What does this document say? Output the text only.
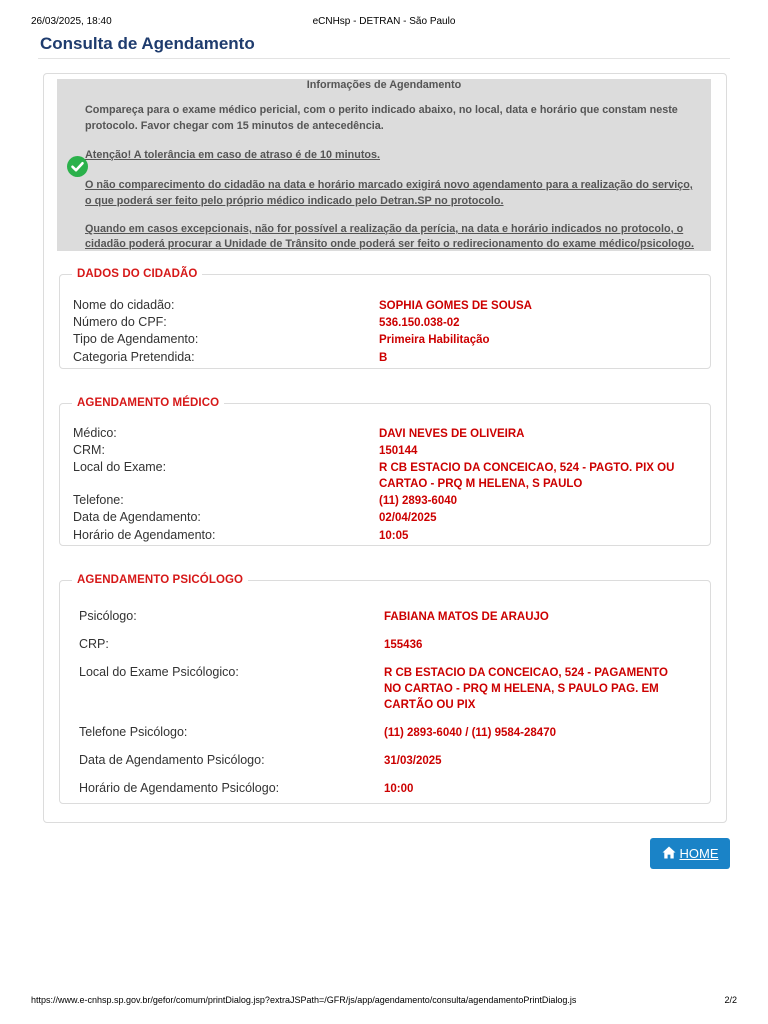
26/03/2025, 18:40	eCNHsp - DETRAN - São Paulo
Consulta de Agendamento
Informações de Agendamento

Compareça para o exame médico pericial, com o perito indicado abaixo, no local, data e horário que constam neste

protocolo. Favor chegar com 15 minutos de antecedência.

Atenção! A tolerância em caso de atraso é de 10 minutos.

O não comparecimento do cidadão na data e horário marcado exigirá novo agendamento para a realização do serviço,

o que poderá ser feito pelo próprio médico indicado pelo Detran.SP no protocolo.

Quando em casos excepcionais, não for possível a realização da perícia, na data e horário indicados no protocolo, o

cidadão poderá procurar a Unidade de Trânsito onde poderá ser feito o redirecionamento do exame médico/psicologo.

DADOS DO CIDADÃO
Nome do cidadão:	SOPHIA GOMES DE SOUSA
Número do CPF:	536.150.038-02
Tipo de Agendamento:	Primeira Habilitação
Categoria Pretendida:	B
AGENDAMENTO MÉDICO
Médico:	DAVI NEVES DE OLIVEIRA
CRM:	150144
Local do Exame:	R CB ESTACIO DA CONCEICAO, 524 - PAGTO. PIX OU
CARTAO - PRQ M HELENA, S PAULO
Telefone:	(11) 2893-6040
Data de Agendamento:	02/04/2025
Horário de Agendamento:	10:05
AGENDAMENTO PSICÓLOGO
Psicólogo:	FABIANA MATOS DE ARAUJO
CRP:	155436
Local do Exame Psicólogico:	R CB ESTACIO DA CONCEICAO, 524 - PAGAMENTO
NO CARTAO - PRQ M HELENA, S PAULO PAG. EM
CARTÃO OU PIX
Telefone Psicólogo:	(11) 2893-6040 / (11) 9584-28470
Data de Agendamento Psicólogo:	31/03/2025
Horário de Agendamento Psicólogo:	10:00
HOME
https://www.e-cnhsp.sp.gov.br/gefor/comum/printDialog.jsp?extraJSPath=/GFR/js/app/agendamento/consulta/agendamentoPrintDialog.js	2/2
